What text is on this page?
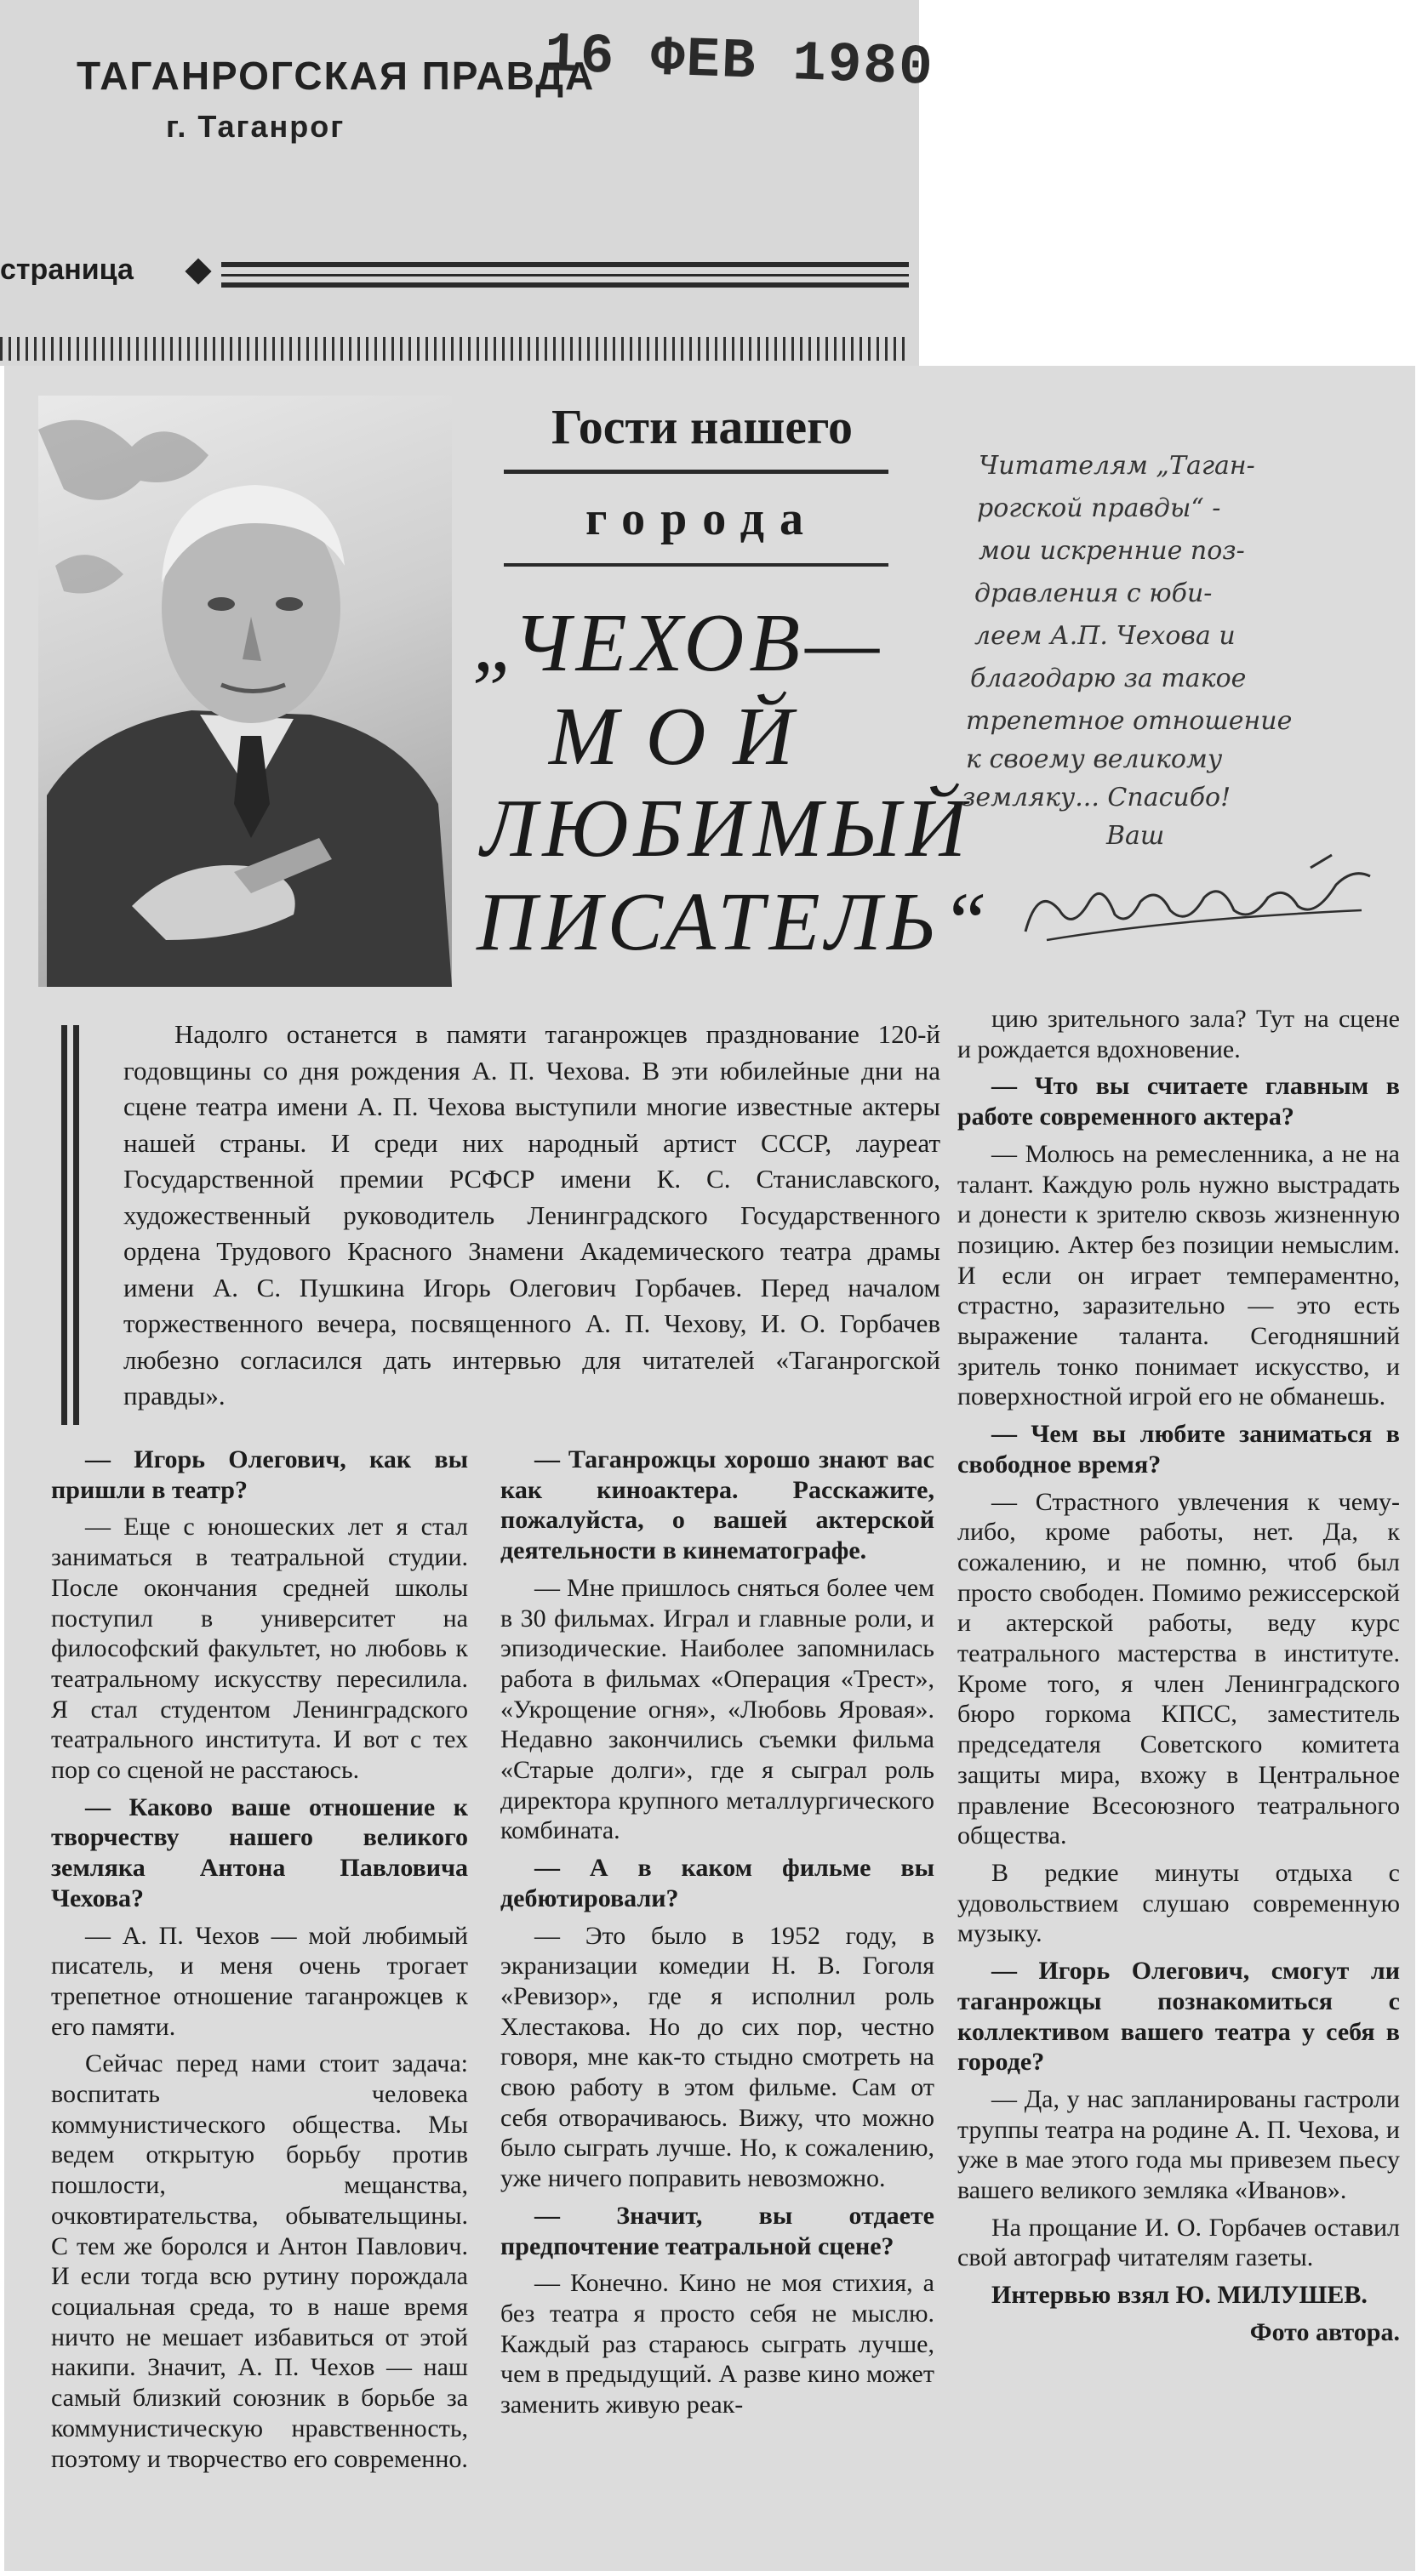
ТАГАНРОГСКАЯ ПРАВДА
г. Таганрог
16 ФЕВ 1980
страница
Гости нашего
города
„ЧЕХОВ—
МОЙ
ЛЮБИМЫЙ
ПИСАТЕЛЬ“
Читателям „Таган-
рогской правды“ -
мои искренние поз-
дравления с юби-
леем А.П. Чехова и
благодарю за такое
трепетное отношение
к своему великому
земляку... Спасибо!
Ваш

Надолго останется в памяти таганрожцев празднование 120-й годовщины со дня рождения А. П. Чехова. В эти юбилейные дни на сцене театра имени А. П. Чехова выступили многие известные актеры нашей страны. И среди них народный артист СССР, лауреат Государственной премии РСФСР имени К. С. Станиславского, художественный руководитель Ленинградского Государственного ордена Трудового Красного Знамени Академического театра драмы имени А. С. Пушкина Игорь Олегович Горбачев. Перед началом торжественного вечера, посвященного А. П. Чехову, И. О. Горбачев любезно согласился дать интервью для читателей «Таганрогской правды».

— Игорь Олегович, как вы пришли в театр?

— Еще с юношеских лет я стал заниматься в театральной студии. После окончания средней школы поступил в университет на философский факультет, но любовь к театральному искусству пересилила. Я стал студентом Ленинградского театрального института. И вот с тех пор со сценой не расстаюсь.

— Каково ваше отношение к творчеству нашего великого земляка Антона Павловича Чехова?

— А. П. Чехов — мой любимый писатель, и меня очень трогает трепетное отношение таганрожцев к его памяти.

Сейчас перед нами стоит задача: воспитать человека коммунистического общества. Мы ведем открытую борьбу против пошлости, мещанства, очковтирательства, обывательщины. С тем же боролся и Антон Павлович. И если тогда всю рутину порождала социальная среда, то в наше время ничто не мешает избавиться от этой накипи. Значит, А. П. Чехов — наш самый близкий союзник в борьбе за коммунистическую нравственность, поэтому и творчество его современно.

— Таганрожцы хорошо знают вас как киноактера. Расскажите, пожалуйста, о вашей актерской деятельности в кинематографе.

— Мне пришлось сняться более чем в 30 фильмах. Играл и главные роли, и эпизодические. Наиболее запомнилась работа в фильмах «Операция «Трест», «Укрощение огня», «Любовь Яровая». Недавно закончились съемки фильма «Старые долги», где я сыграл роль директора крупного металлургического комбината.

— А в каком фильме вы дебютировали?

— Это было в 1952 году, в экранизации комедии Н. В. Гоголя «Ревизор», где я исполнил роль Хлестакова. Но до сих пор, честно говоря, мне как-то стыдно смотреть на свою работу в этом фильме. Сам от себя отворачиваюсь. Вижу, что можно было сыграть лучше. Но, к сожалению, уже ничего поправить невозможно.

— Значит, вы отдаете предпочтение театральной сцене?

— Конечно. Кино не моя стихия, а без театра я просто себя не мыслю. Каждый раз стараюсь сыграть лучше, чем в предыдущий. А разве кино может заменить живую реак-

цию зрительного зала? Тут на сцене и рождается вдохновение.

— Что вы считаете главным в работе современного актера?

— Молюсь на ремесленника, а не на талант. Каждую роль нужно выстрадать и донести к зрителю сквозь жизненную позицию. Актер без позиции немыслим. И если он играет темпераментно, страстно, заразительно — это есть выражение таланта. Сегодняшний зритель тонко понимает искусство, и поверхностной игрой его не обманешь.

— Чем вы любите заниматься в свободное время?

— Страстного увлечения к чему-либо, кроме работы, нет. Да, к сожалению, и не помню, чтоб был просто свободен. Помимо режиссерской и актерской работы, веду курс театрального мастерства в институте. Кроме того, я член Ленинградского бюро горкома КПСС, заместитель председателя Советского комитета защиты мира, вхожу в Центральное правление Всесоюзного театрального общества.

В редкие минуты отдыха с удовольствием слушаю современную музыку.

— Игорь Олегович, смогут ли таганрожцы познакомиться с коллективом вашего театра у себя в городе?

— Да, у нас запланированы гастроли труппы театра на родине А. П. Чехова, и уже в мае этого года мы привезем пьесу вашего великого земляка «Иванов».

На прощание И. О. Горбачев оставил свой автограф читателям газеты.

Интервью взял Ю. МИЛУШЕВ.

Фото автора.
